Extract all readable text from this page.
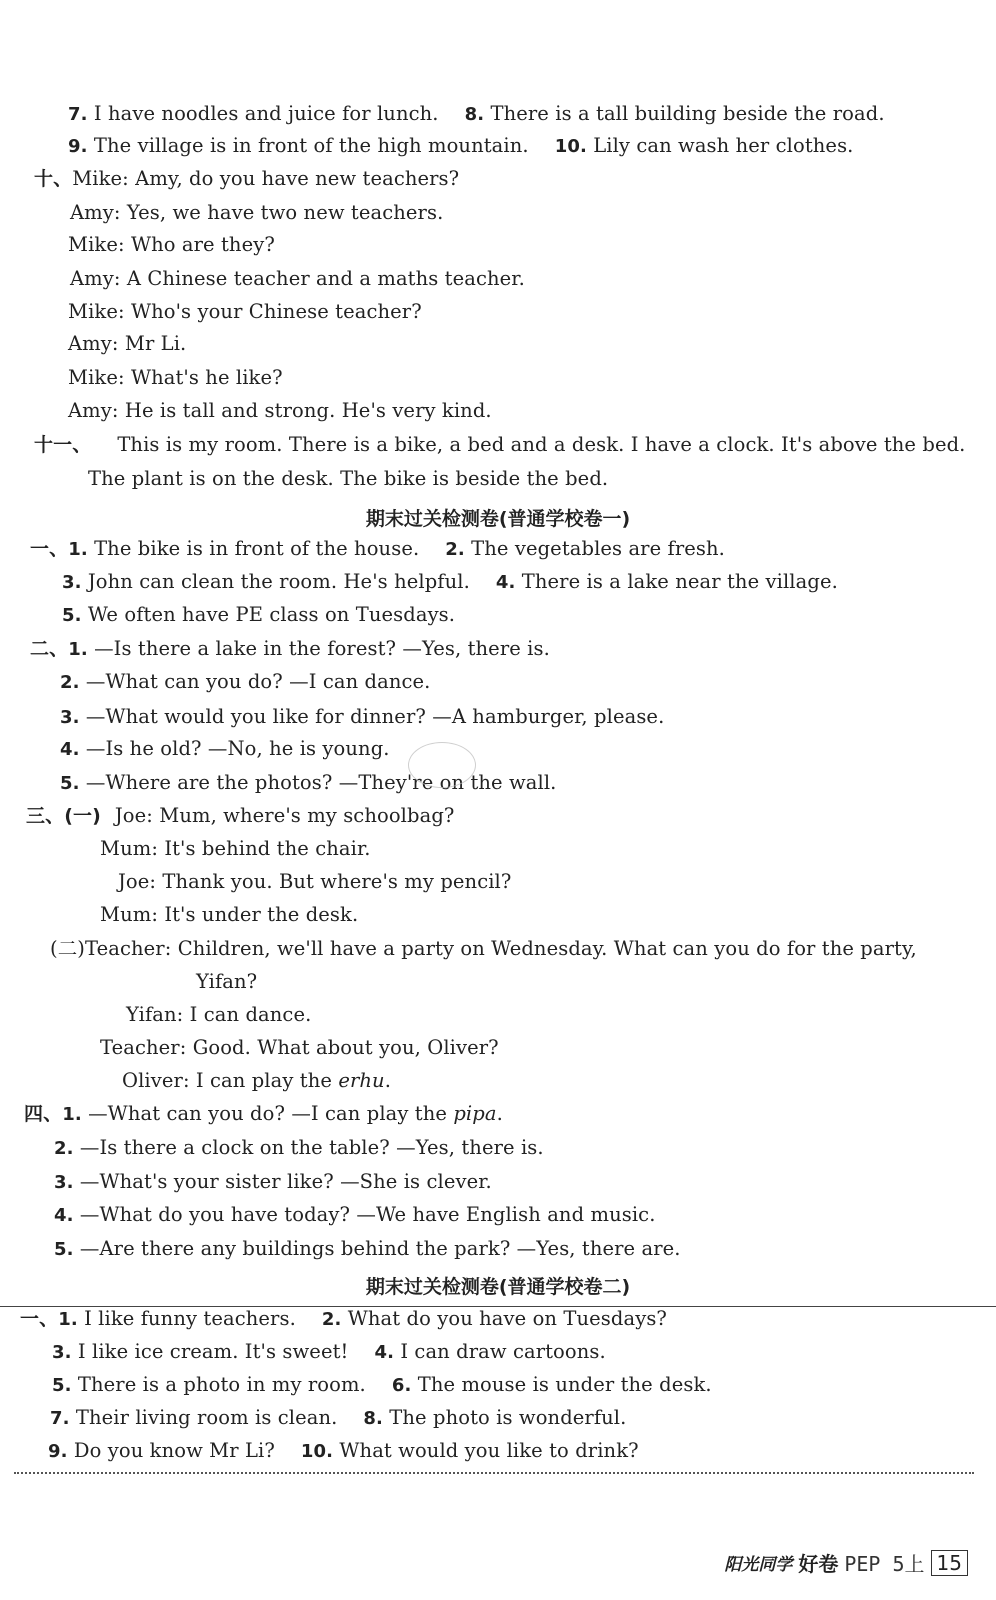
7. I have noodles and juice for lunch. 8. There is a tall building beside the road.
9. The village is in front of the high mountain. 10. Lily can wash her clothes.
十、Mike: Amy, do you have new teachers?
Amy: Yes, we have two new teachers.
Mike: Who are they?
Amy: A Chinese teacher and a maths teacher.
Mike: Who's your Chinese teacher?
Amy: Mr Li.
Mike: What's he like?
Amy: He is tall and strong. He's very kind.
十一、 This is my room. There is a bike, a bed and a desk. I have a clock. It's above the bed.
The plant is on the desk. The bike is beside the bed.
期末过关检测卷(普通学校卷一)
一、1. The bike is in front of the house. 2. The vegetables are fresh.
3. John can clean the room. He's helpful. 4. There is a lake near the village.
5. We often have PE class on Tuesdays.
二、1. —Is there a lake in the forest? —Yes, there is.
2. —What can you do? —I can dance.
3. —What would you like for dinner? —A hamburger, please.
4. —Is he old? —No, he is young.
5. —Where are the photos? —They're on the wall.
三、(一) Joe: Mum, where's my schoolbag?
Mum: It's behind the chair.
Joe: Thank you. But where's my pencil?
Mum: It's under the desk.
(二)Teacher: Children, we'll have a party on Wednesday. What can you do for the party,
Yifan?
Yifan: I can dance.
Teacher: Good. What about you, Oliver?
Oliver: I can play the erhu.
四、1. —What can you do? —I can play the pipa.
2. —Is there a clock on the table? —Yes, there is.
3. —What's your sister like? —She is clever.
4. —What do you have today? —We have English and music.
5. —Are there any buildings behind the park? —Yes, there are.
期末过关检测卷(普通学校卷二)
一、1. I like funny teachers. 2. What do you have on Tuesdays?
3. I like ice cream. It's sweet! 4. I can draw cartoons.
5. There is a photo in my room. 6. The mouse is under the desk.
7. Their living room is clean. 8. The photo is wonderful.
9. Do you know Mr Li? 10. What would you like to drink?
阳光同学 好卷 PEP 5上 15
